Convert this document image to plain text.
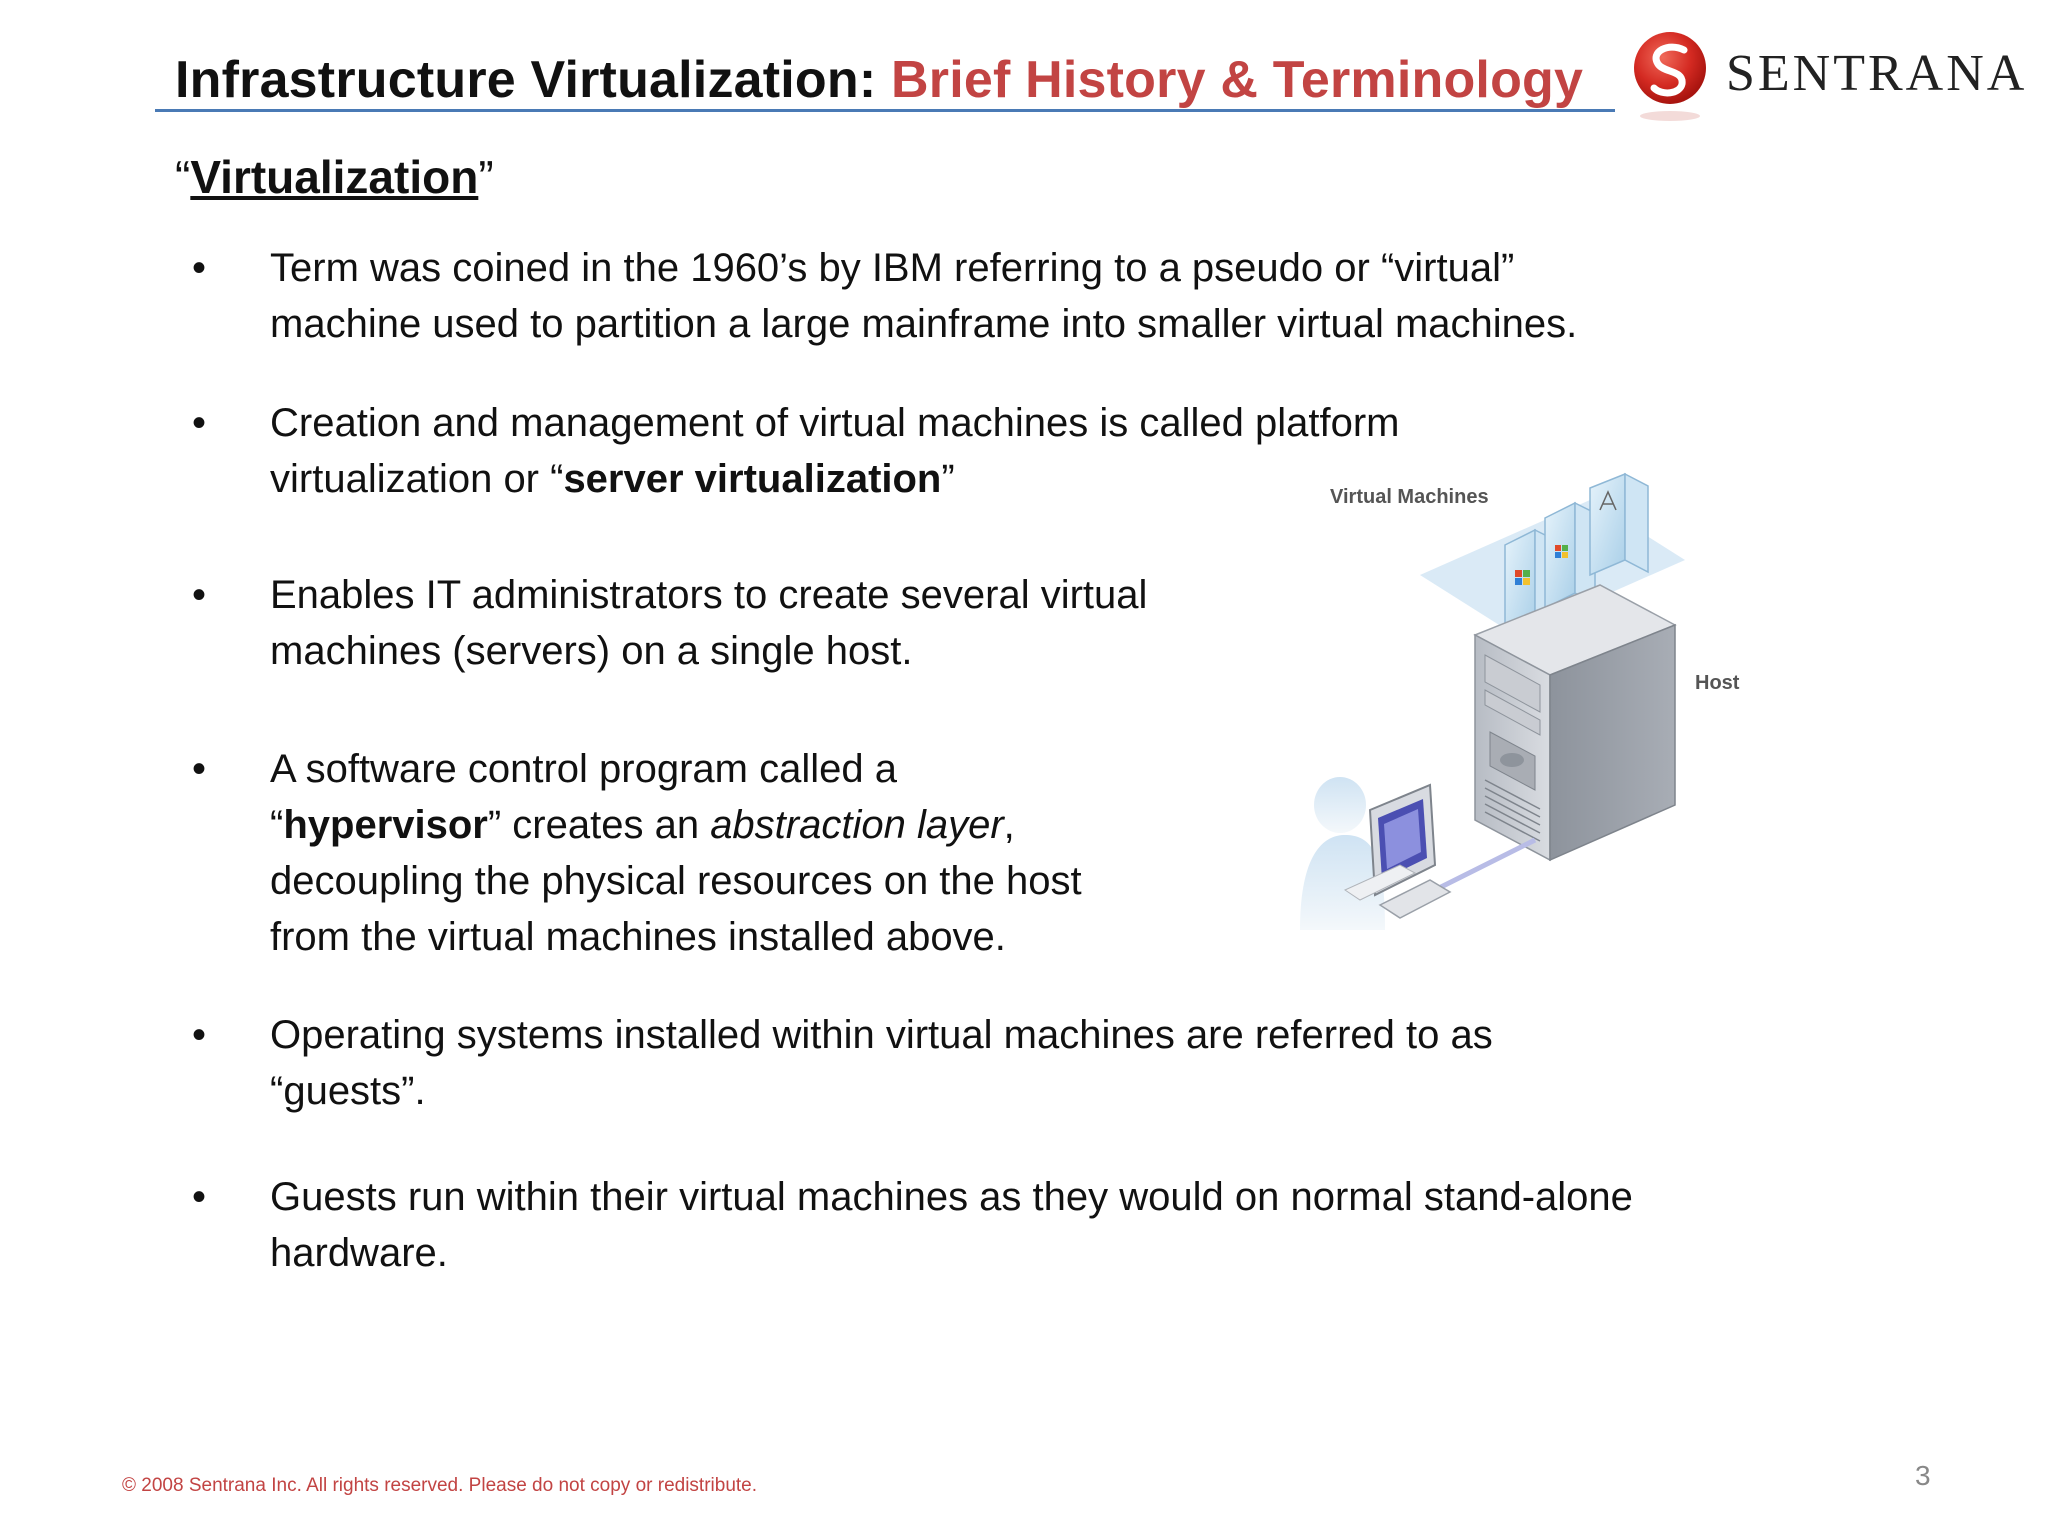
Infrastructure Virtualization: Brief History & Terminology	SENTRANA
“Virtualization”
• Term was coined in the 1960’s by IBM referring to a pseudo or “virtual”
machine used to partition a large mainframe into smaller virtual machines.
• Creation and management of virtual machines is called platform
virtualization or “server virtualization”
• Enables IT administrators to create several virtual
machines (servers) on a single host.
• A software control program called a
“hypervisor” creates an abstraction layer,
decoupling the physical resources on the host
from the virtual machines installed above.
• Operating systems installed within virtual machines are referred to as
“guests”.
• Guests run within their virtual machines as they would on normal stand-alone
hardware.
Virtual Machines
Host
© 2008 Sentrana Inc. All rights reserved. Please do not copy or redistribute.	3
